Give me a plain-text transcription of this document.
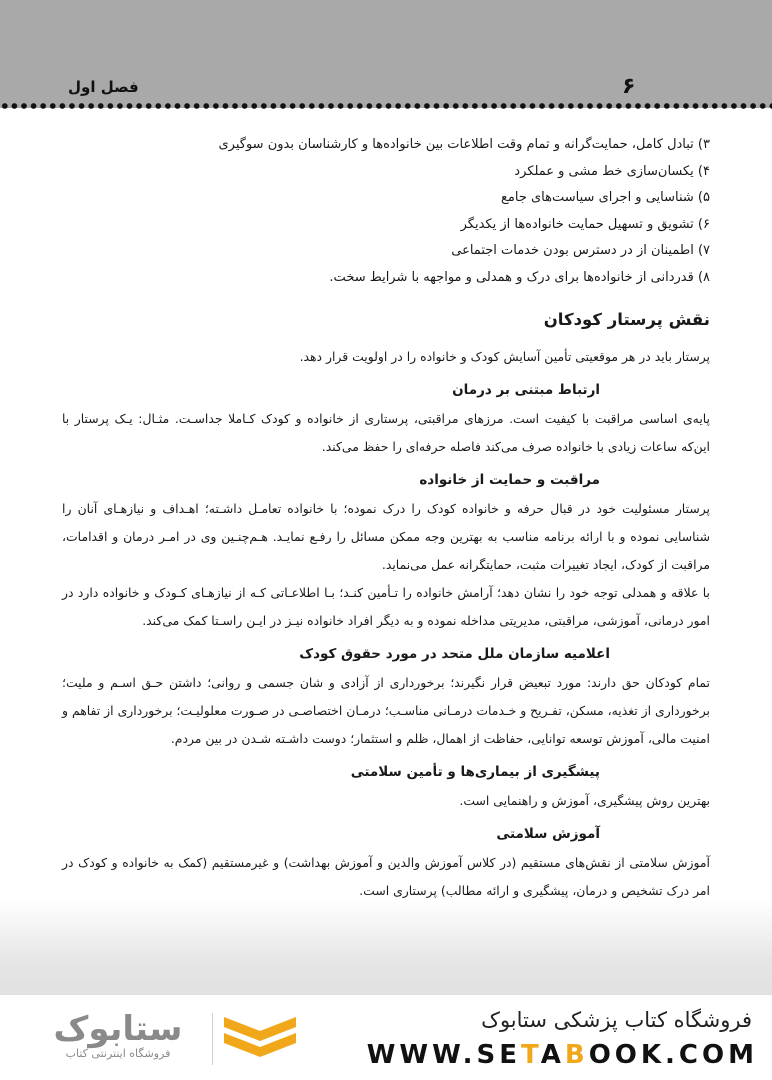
فصل اول	۶
۳) تبادل کامل، حمایت‌گرانه و تمام وقت اطلاعات بین خانواده‌ها و کارشناسان بدون سوگیری
۴) یکسان‌سازی خط مشی و عملکرد
۵) شناسایی و اجرای سیاست‌های جامع
۶) تشویق و تسهیل حمایت خانواده‌ها از یکدیگر
۷) اطمینان از در دسترس بودن خدمات اجتماعی
۸) قدردانی از خانواده‌ها برای درک و همدلی و مواجهه با شرایط سخت.
نقش پرستار کودکان
پرستار باید در هر موقعیتی تأمین آسایش کودک و خانواده را در اولویت قرار دهد.
ارتباط مبتنی بر درمان
پایه‌ی اساسی مراقبت با کیفیت است. مرزهای مراقبتی، پرستاری از خانواده و کودک کـاملا جداسـت. مثـال: یـک پرستار با این‌که ساعات زیادی با خانواده صرف می‌کند فاصله حرفه‌ای را حفظ می‌کند.
مراقبت و حمایت از خانواده
پرستار مسئولیت خود در قبال حرفه و خانواده کودک را درک نموده؛ با خانواده تعامـل داشـته؛ اهـداف و نیازهـای آنان را شناسایی نموده و با ارائه برنامه مناسب به بهترین وجه ممکن مسائل را رفـع نمایـد. هـم‌چنـین وی در امـر درمان و اقدامات، مراقبت از کودک، ایجاد تغییرات مثبت، حمایتگرانه عمل می‌نماید.
با علاقه و همدلی توجه خود را نشان دهد؛ آرامش خانواده را تـأمین کنـد؛ بـا اطلاعـاتی کـه از نیازهـای کـودک و خانواده دارد در امور درمانی، آموزشی، مراقبتی، مدیریتی مداخله نموده و به دیگر افراد خانواده نیـز در ایـن راسـتا کمک می‌کند.
اعلامیه سازمان ملل متحد در مورد حقوق کودک
تمام کودکان حق دارند: مورد تبعیض قرار نگیرند؛ برخورداری از آزادی و شان جسمی و روانی؛ داشتن حـق اسـم و ملیت؛ برخورداری از تغذیه، مسکن، تفـریح و خـدمات درمـانی مناسـب؛ درمـان اختصاصـی در صـورت معلولیـت؛ برخورداری از تفاهم و امنیت مالی، آموزش توسعه توانایی، حفاظت از اهمال، ظلم و استثمار؛ دوست داشـته شـدن در بین مردم.
پیشگیری از بیماری‌ها و تأمین سلامتی
بهترین روش پیشگیری، آموزش و راهنمایی است.
آموزش سلامتی
آموزش سلامتی از نقش‌های مستقیم (در کلاس آموزش والدین و آموزش بهداشت) و غیرمستقیم (کمک به خانواده و کودک در امر درک تشخیص و درمان، پیشگیری و ارائه مطالب) پرستاری است.
فروشگاه کتاب پزشکی ستابوک
WWW.SETABOOK.COM
ستابوک
فروشگاه اینترنتی کتاب
